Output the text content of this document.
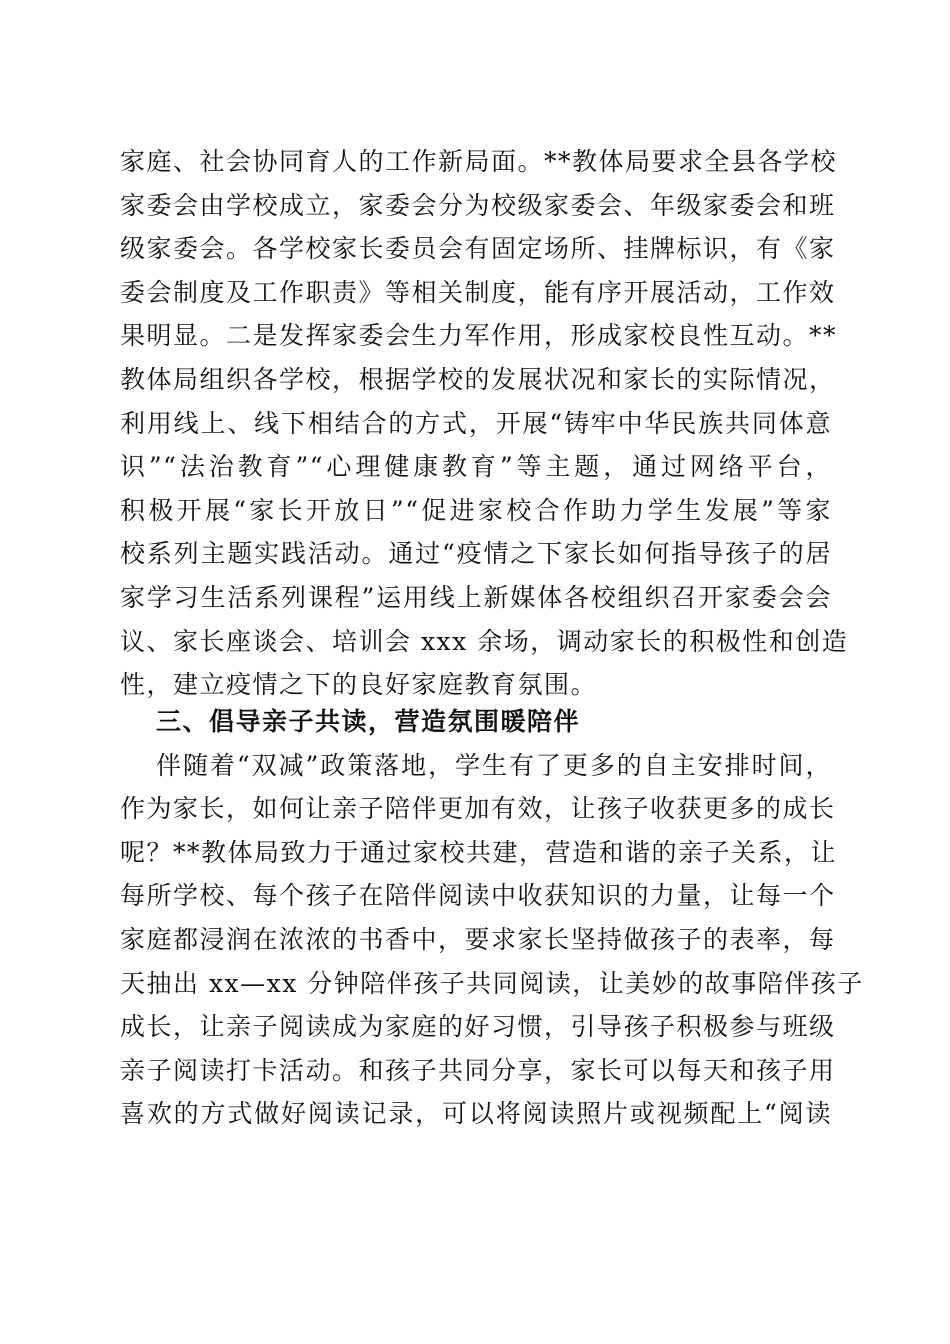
家庭、社会协同育人的工作新局面。**教体局要求全县各学校
家委会由学校成立，家委会分为校级家委会、年级家委会和班
级家委会。各学校家长委员会有固定场所、挂牌标识，有《家
委会制度及工作职责》等相关制度，能有序开展活动，工作效
果明显。二是发挥家委会生力军作用，形成家校良性互动。**
教体局组织各学校，根据学校的发展状况和家长的实际情况，
利用线上、线下相结合的方式，开展“铸牢中华民族共同体意
识”“法治教育”“心理健康教育”等主题，通过网络平台，
积极开展“家长开放日”“促进家校合作助力学生发展”等家
校系列主题实践活动。通过“疫情之下家长如何指导孩子的居
家学习生活系列课程”运用线上新媒体各校组织召开家委会会
议、家长座谈会、培训会 xxx 余场，调动家长的积极性和创造
性，建立疫情之下的良好家庭教育氛围。
三、倡导亲子共读，营造氛围暖陪伴
伴随着“双减”政策落地，学生有了更多的自主安排时间，
作为家长，如何让亲子陪伴更加有效，让孩子收获更多的成长
呢？**教体局致力于通过家校共建，营造和谐的亲子关系，让
每所学校、每个孩子在陪伴阅读中收获知识的力量，让每一个
家庭都浸润在浓浓的书香中，要求家长坚持做孩子的表率，每
天抽出 xx—xx 分钟陪伴孩子共同阅读，让美妙的故事陪伴孩子
成长，让亲子阅读成为家庭的好习惯，引导孩子积极参与班级
亲子阅读打卡活动。和孩子共同分享，家长可以每天和孩子用
喜欢的方式做好阅读记录，可以将阅读照片或视频配上“阅读
